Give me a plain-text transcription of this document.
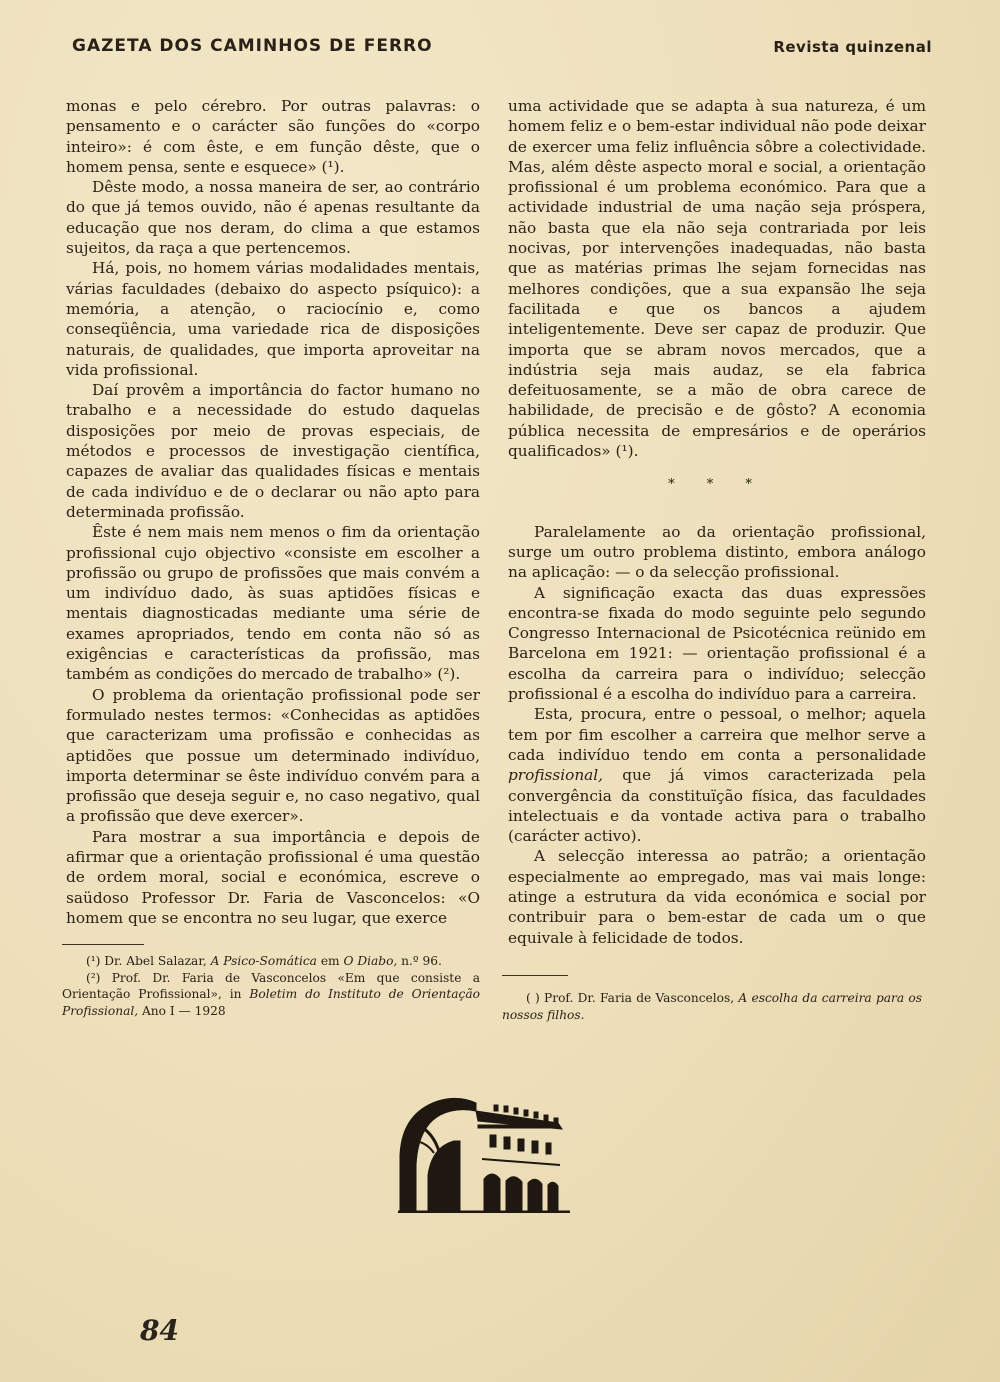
GAZETA DOS CAMINHOS DE FERRO	Revista quinzenal

monas e pelo cérebro. Por outras palavras: o pensamento e o carácter são funções do «corpo inteiro»: é com êste, e em função dêste, que o homem pensa, sente e esquece» (¹).

Dêste modo, a nossa maneira de ser, ao contrário do que já temos ouvido, não é apenas resultante da educação que nos deram, do clima a que estamos sujeitos, da raça a que pertencemos.

Há, pois, no homem várias modalidades mentais, várias faculdades (debaixo do aspecto psíquico): a memória, a atenção, o raciocínio e, como conseqüência, uma variedade rica de disposições naturais, de qualidades, que importa aproveitar na vida profissional.

Daí provêm a importância do factor humano no trabalho e a necessidade do estudo daquelas disposições por meio de provas especiais, de métodos e processos de investigação científica, capazes de avaliar das qualidades físicas e mentais de cada indivíduo e de o declarar ou não apto para determinada profissão.

Êste é nem mais nem menos o fim da orientação profissional cujo objectivo «consiste em escolher a profissão ou grupo de profissões que mais convém a um indivíduo dado, às suas aptidões físicas e mentais diagnosticadas mediante uma série de exames apropriados, tendo em conta não só as exigências e características da profissão, mas também as condições do mercado de trabalho» (²).

O problema da orientação profissional pode ser formulado nestes termos: «Conhecidas as aptidões que caracterizam uma profissão e conhecidas as aptidões que possue um determinado indivíduo, importa determinar se êste indivíduo convém para a profissão que deseja seguir e, no caso negativo, qual a profissão que deve exercer».

Para mostrar a sua importância e depois de afirmar que a orientação profissional é uma questão de ordem moral, social e económica, escreve o saüdoso Professor Dr. Faria de Vasconcelos: «O homem que se encontra no seu lugar, que exerce

uma actividade que se adapta à sua natureza, é um homem feliz e o bem-estar individual não pode deixar de exercer uma feliz influência sôbre a colectividade. Mas, além dêste aspecto moral e social, a orientação profissional é um problema económico. Para que a actividade industrial de uma nação seja próspera, não basta que ela não seja contrariada por leis nocivas, por intervenções inadequadas, não basta que as matérias primas lhe sejam fornecidas nas melhores condições, que a sua expansão lhe seja facilitada e que os bancos a ajudem inteligentemente. Deve ser capaz de produzir. Que importa que se abram novos mercados, que a indústria seja mais audaz, se ela fabrica defeituosamente, se a mão de obra carece de habilidade, de precisão e de gôsto? A economia pública necessita de empresários e de operários qualificados» (¹).

* * *

Paralelamente ao da orientação profissional, surge um outro problema distinto, embora análogo na aplicação: — o da selecção profissional.

A significação exacta das duas expressões encontra-se fixada do modo seguinte pelo segundo Congresso Internacional de Psicotécnica reünido em Barcelona em 1921: — orientação profissional é a escolha da carreira para o indivíduo; selecção profissional é a escolha do indivíduo para a carreira.

Esta, procura, entre o pessoal, o melhor; aquela tem por fim escolher a carreira que melhor serve a cada indivíduo tendo em conta a personalidade profissional, que já vimos caracterizada pela convergência da constituïção física, das faculdades intelectuais e da vontade activa para o trabalho (carácter activo).

A selecção interessa ao patrão; a orientação especialmente ao empregado, mas vai mais longe: atinge a estrutura da vida económica e social por contribuir para o bem-estar de cada um o que equivale à felicidade de todos.

(¹) Dr. Abel Salazar, A Psico-Somática em O Diabo, n.º 96.

(²) Prof. Dr. Faria de Vasconcelos «Em que consiste a Orientação Profissional», in Boletim do Instituto de Orientação Profissional, Ano I — 1928

( ) Prof. Dr. Faria de Vasconcelos, A escolha da carreira para os nossos filhos.

84
